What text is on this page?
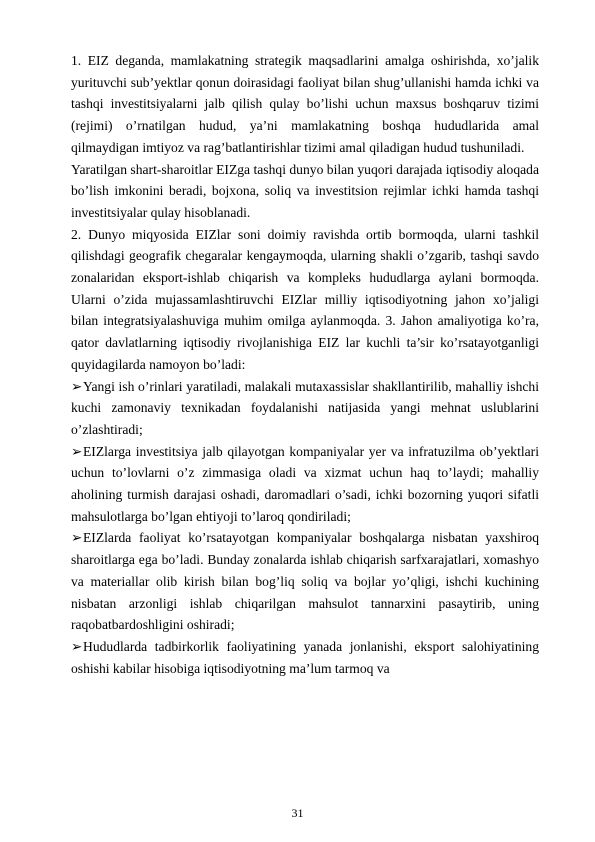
1. EIZ deganda, mamlakatning strategik maqsadlarini amalga oshirishda, xo’jalik yurituvchi sub’yektlar qonun doirasidagi faoliyat bilan shug’ullanishi hamda ichki va tashqi investitsiyalarni jalb qilish qulay bo’lishi uchun maxsus boshqaruv tizimi (rejimi) o’rnatilgan hudud, ya’ni mamlakatning boshqa hududlarida amal qilmaydigan imtiyoz va rag’batlantirishlar tizimi amal qiladigan hudud tushuniladi.

Yaratilgan shart-sharoitlar EIZga tashqi dunyo bilan yuqori darajada iqtisodiy aloqada bo’lish imkonini beradi, bojxona, soliq va investitsion rejimlar ichki hamda tashqi investitsiyalar qulay hisoblanadi.

2. Dunyo miqyosida EIZlar soni doimiy ravishda ortib bormoqda, ularni tashkil qilishdagi geografik chegaralar kengaymoqda, ularning shakli o’zgarib, tashqi savdo zonalaridan eksport-ishlab chiqarish va kompleks hududlarga aylani bormoqda. Ularni o’zida mujassamlashtiruvchi EIZlar milliy iqtisodiyotning jahon xo’jaligi bilan integratsiyalashuviga muhim omilga aylanmoqda. 3. Jahon amaliyotiga ko’ra, qator davlatlarning iqtisodiy rivojlanishiga EIZ lar kuchli ta’sir ko’rsatayotganligi quyidagilarda namoyon bo’ladi:

➢Yangi ish o’rinlari yaratiladi, malakali mutaxassislar shakllantirilib, mahalliy ishchi kuchi zamonaviy texnikadan foydalanishi natijasida yangi mehnat uslublarini o’zlashtiradi;

➢EIZlarga investitsiya jalb qilayotgan kompaniyalar yer va infratuzilma ob’yektlari uchun to’lovlarni o’z zimmasiga oladi va xizmat uchun haq to’laydi; mahalliy aholining turmish darajasi oshadi, daromadlari o’sadi, ichki bozorning yuqori sifatli mahsulotlarga bo’lgan ehtiyoji to’laroq qondiriladi;

➢EIZlarda faoliyat ko’rsatayotgan kompaniyalar boshqalarga nisbatan yaxshiroq sharoitlarga ega bo’ladi. Bunday zonalarda ishlab chiqarish sarfxarajatlari, xomashyo va materiallar olib kirish bilan bog’liq soliq va bojlar yo’qligi, ishchi kuchining nisbatan arzonligi ishlab chiqarilgan mahsulot tannarxini pasaytirib, uning raqobatbardoshligini oshiradi;

➢Hududlarda tadbirkorlik faoliyatining yanada jonlanishi, eksport salohiyatining oshishi kabilar hisobiga iqtisodiyotning ma’lum tarmoq va

31
